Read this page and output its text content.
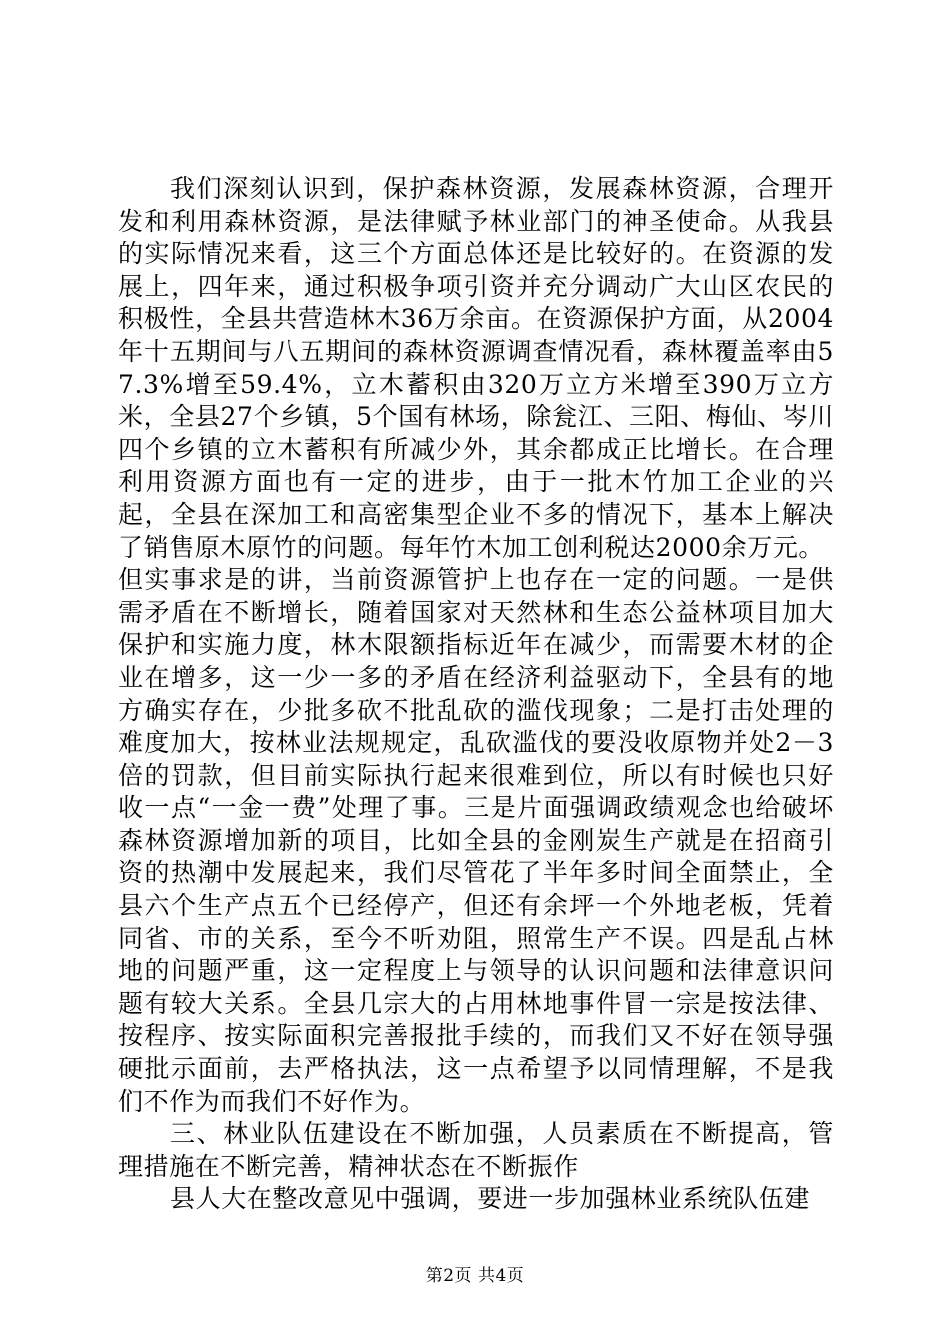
我们深刻认识到，保护森林资源，发展森林资源，合理开发和利用森林资源，是法律赋予林业部门的神圣使命。从我县的实际情况来看，这三个方面总体还是比较好的。在资源的发展上，四年来，通过积极争项引资并充分调动广大山区农民的积极性，全县共营造林木36万余亩。在资源保护方面，从2004年十五期间与八五期间的森林资源调查情况看，森林覆盖率由57.3%增至59.4%，立木蓄积由320万立方米增至390万立方米，全县27个乡镇，5个国有林场，除瓮江、三阳、梅仙、岑川四个乡镇的立木蓄积有所减少外，其余都成正比增长。在合理利用资源方面也有一定的进步，由于一批木竹加工企业的兴起，全县在深加工和高密集型企业不多的情况下，基本上解决了销售原木原竹的问题。每年竹木加工创利税达2000余万元。

但实事求是的讲，当前资源管护上也存在一定的问题。一是供需矛盾在不断增长，随着国家对天然林和生态公益林项目加大保护和实施力度，林木限额指标近年在减少，而需要木材的企业在增多，这一少一多的矛盾在经济利益驱动下，全县有的地方确实存在，少批多砍不批乱砍的滥伐现象；二是打击处理的难度加大，按林业法规规定，乱砍滥伐的要没收原物并处2－3倍的罚款，但目前实际执行起来很难到位，所以有时候也只好收一点“一金一费”处理了事。三是片面强调政绩观念也给破坏森林资源增加新的项目，比如全县的金刚炭生产就是在招商引资的热潮中发展起来，我们尽管花了半年多时间全面禁止，全县六个生产点五个已经停产，但还有余坪一个外地老板，凭着同省、市的关系，至今不听劝阻，照常生产不误。四是乱占林地的问题严重，这一定程度上与领导的认识问题和法律意识问题有较大关系。全县几宗大的占用林地事件冒一宗是按法律、按程序、按实际面积完善报批手续的，而我们又不好在领导强硬批示面前，去严格执法，这一点希望予以同情理解，不是我们不作为而我们不好作为。

三、林业队伍建设在不断加强，人员素质在不断提高，管理措施在不断完善，精神状态在不断振作

县人大在整改意见中强调，要进一步加强林业系统队伍建

第2页 共4页
